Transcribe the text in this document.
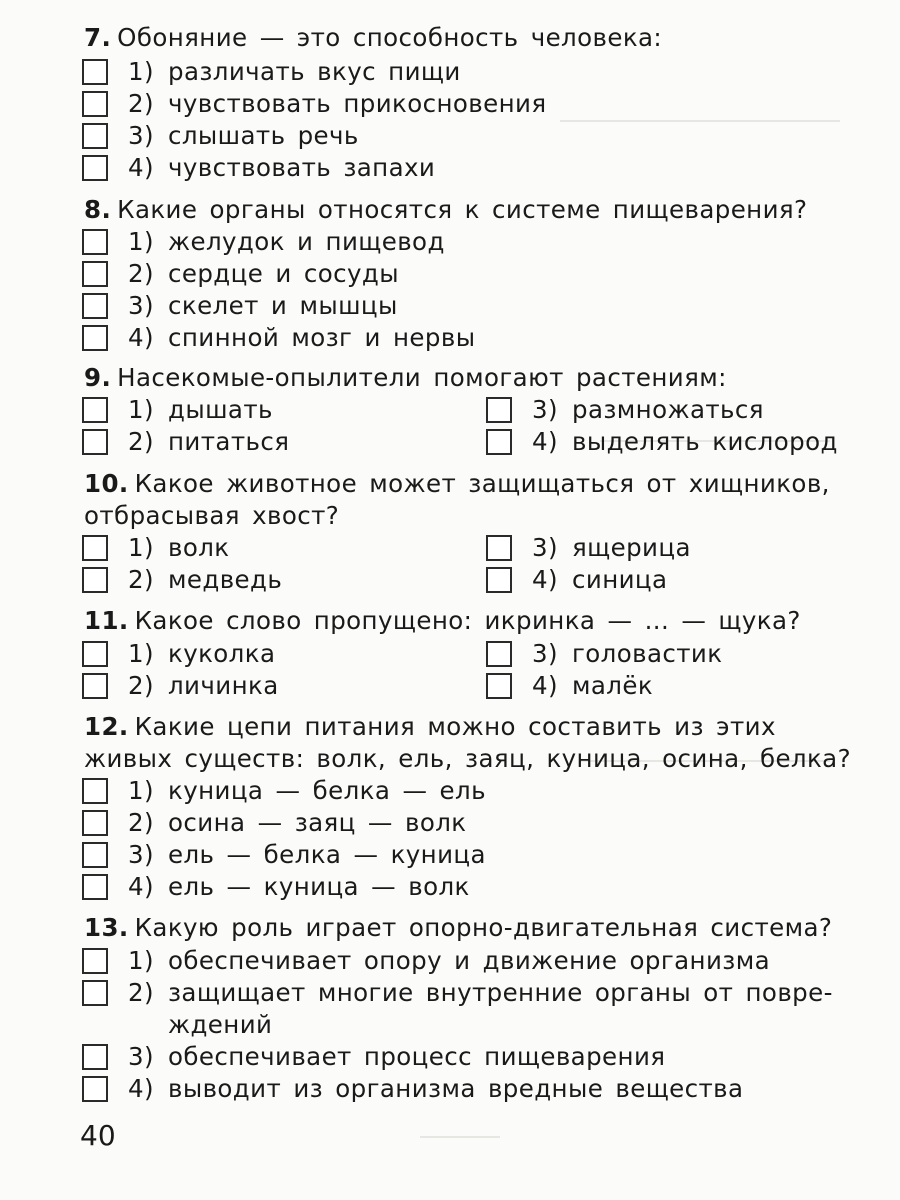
7. Обоняние — это способность человека:
1) различать вкус пищи
2) чувствовать прикосновения
3) слышать речь
4) чувствовать запахи
8. Какие органы относятся к системе пищеварения?
1) желудок и пищевод
2) сердце и сосуды
3) скелет и мышцы
4) спинной мозг и нервы
9. Насекомые-опылители помогают растениям:
1) дышать
2) питаться
3) размножаться
4) выделять кислород
10. Какое животное может защищаться от хищников, отбрасывая хвост?
1) волк
2) медведь
3) ящерица
4) синица
11. Какое слово пропущено: икринка — ... — щука?
1) куколка
2) личинка
3) головастик
4) малёк
12. Какие цепи питания можно составить из этих живых существ: волк, ель, заяц, куница, осина, белка?
1) куница — белка — ель
2) осина — заяц — волк
3) ель — белка — куница
4) ель — куница — волк
13. Какую роль играет опорно-двигательная система?
1) обеспечивает опору и движение организма
2) защищает многие внутренние органы от повре- ждений
3) обеспечивает процесс пищеварения
4) выводит из организма вредные вещества
40
